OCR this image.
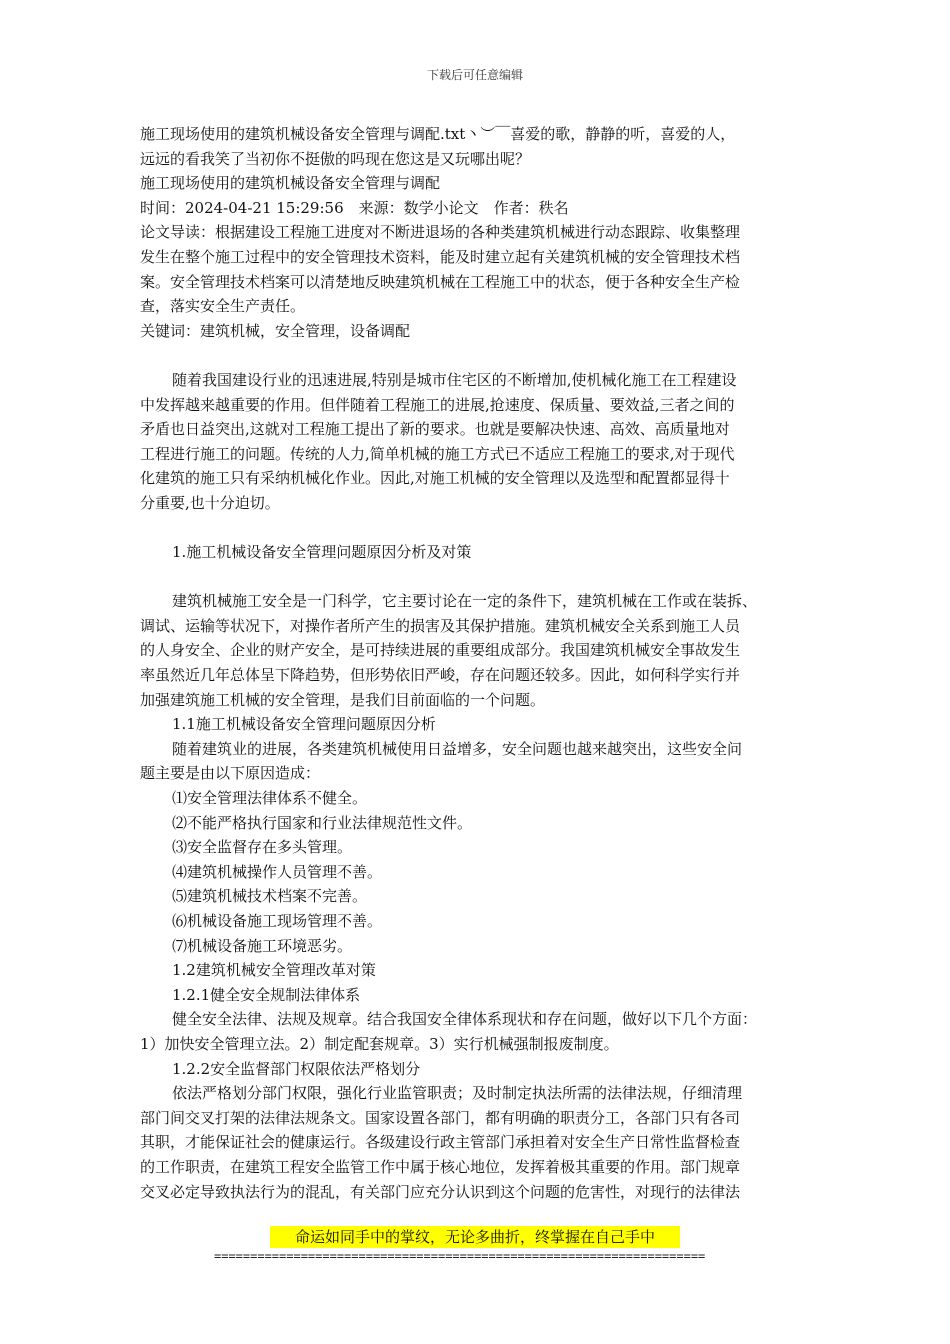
下载后可任意编辑
施工现场使用的建筑机械设备安全管理与调配.txt丶︶￣喜爱的歌，静静的听，喜爱的人，
远远的看我笑了当初你不挺傲的吗现在您这是又玩哪出呢？
施工现场使用的建筑机械设备安全管理与调配
时间：2024-04-21 15:29:56　来源：数学小论文　作者：秩名
论文导读：根据建设工程施工进度对不断进退场的各种类建筑机械进行动态跟踪、收集整理
发生在整个施工过程中的安全管理技术资料，能及时建立起有关建筑机械的安全管理技术档
案。安全管理技术档案可以清楚地反映建筑机械在工程施工中的状态，便于各种安全生产检
查，落实安全生产责任。
关键词：建筑机械，安全管理，设备调配
随着我国建设行业的迅速进展,特别是城市住宅区的不断增加,使机械化施工在工程建设
中发挥越来越重要的作用。但伴随着工程施工的进展,抢速度、保质量、要效益,三者之间的
矛盾也日益突出,这就对工程施工提出了新的要求。也就是要解决快速、高效、高质量地对
工程进行施工的问题。传统的人力,简单机械的施工方式已不适应工程施工的要求,对于现代
化建筑的施工只有采纳机械化作业。因此,对施工机械的安全管理以及选型和配置都显得十
分重要,也十分迫切。
1.施工机械设备安全管理问题原因分析及对策
建筑机械施工安全是一门科学，它主要讨论在一定的条件下，建筑机械在工作或在装拆、
调试、运输等状况下，对操作者所产生的损害及其保护措施。建筑机械安全关系到施工人员
的人身安全、企业的财产安全，是可持续进展的重要组成部分。我国建筑机械安全事故发生
率虽然近几年总体呈下降趋势，但形势依旧严峻，存在问题还较多。因此，如何科学实行并
加强建筑施工机械的安全管理，是我们目前面临的一个问题。
1.1施工机械设备安全管理问题原因分析
随着建筑业的进展，各类建筑机械使用日益增多，安全问题也越来越突出，这些安全问
题主要是由以下原因造成：
⑴安全管理法律体系不健全。
⑵不能严格执行国家和行业法律规范性文件。
⑶安全监督存在多头管理。
⑷建筑机械操作人员管理不善。
⑸建筑机械技术档案不完善。
⑹机械设备施工现场管理不善。
⑺机械设备施工环境恶劣。
1.2建筑机械安全管理改革对策
1.2.1健全安全规制法律体系
健全安全法律、法规及规章。结合我国安全律体系现状和存在问题，做好以下几个方面：
1）加快安全管理立法。2）制定配套规章。3）实行机械强制报废制度。
1.2.2安全监督部门权限依法严格划分
依法严格划分部门权限，强化行业监管职责；及时制定执法所需的法律法规，仔细清理
部门间交叉打架的法律法规条文。国家设置各部门，都有明确的职责分工，各部门只有各司
其职，才能保证社会的健康运行。各级建设行政主管部门承担着对安全生产日常性监督检查
的工作职责，在建筑工程安全监管工作中属于核心地位，发挥着极其重要的作用。部门规章
交叉必定导致执法行为的混乱，有关部门应充分认识到这个问题的危害性，对现行的法律法
命运如同手中的掌纹，无论多曲折，终掌握在自己手中
====================================================================
